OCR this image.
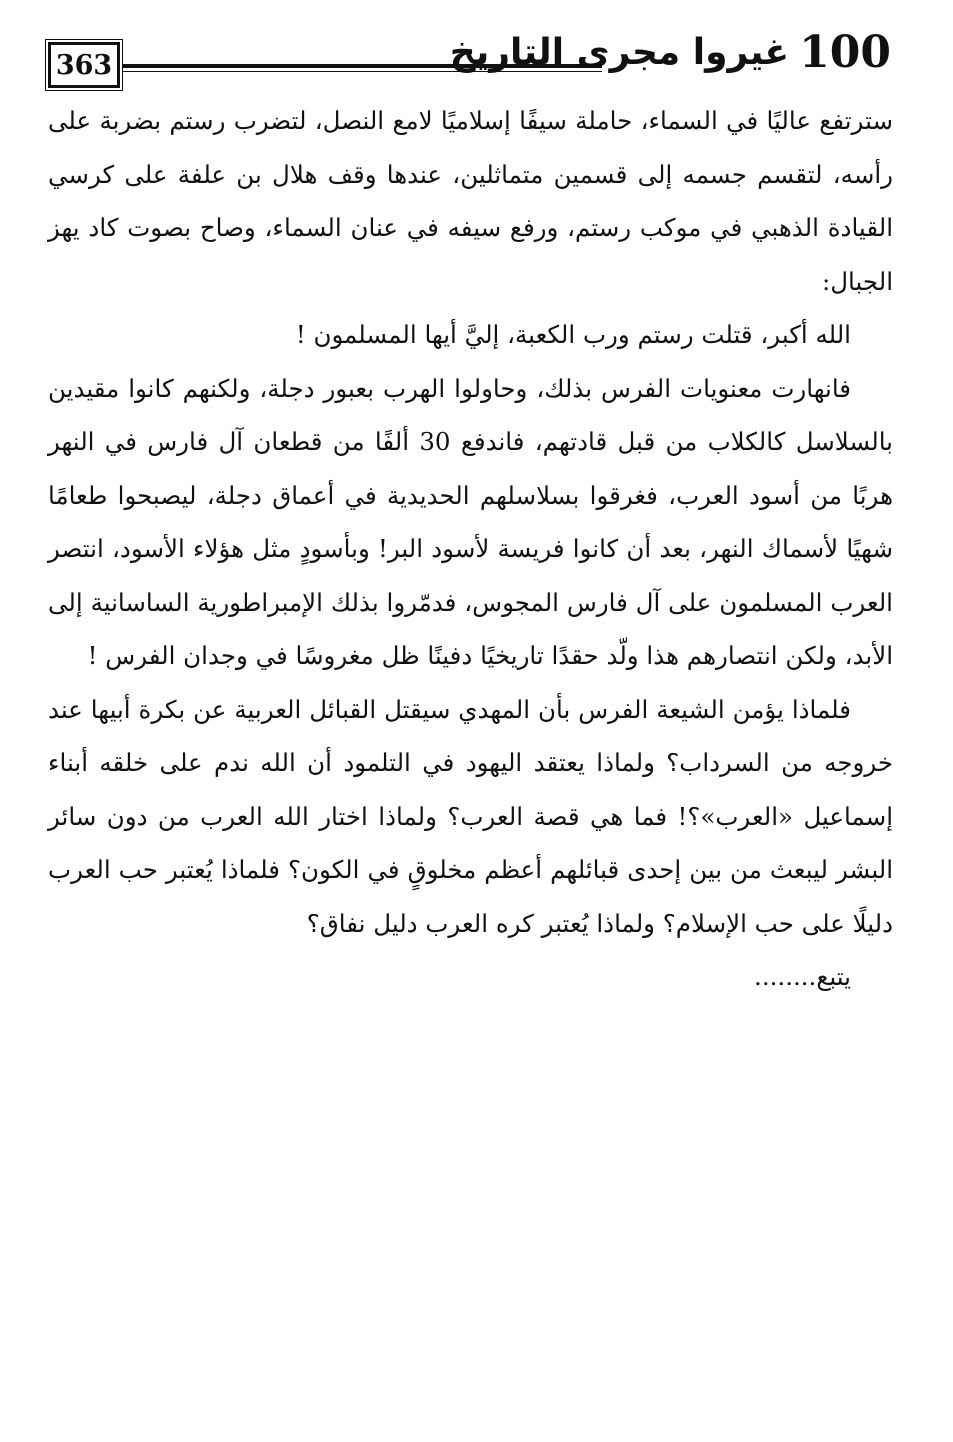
363	100
غيروا مجرى التاريخ

سترتفع عاليًا في السماء، حاملة سيفًا إسلاميًا لامع النصل، لتضرب رستم بضربة على رأسه، لتقسم جسمه إلى قسمين متماثلين، عندها وقف هلال بن علفة على كرسي القيادة الذهبي في موكب رستم، ورفع سيفه في عنان السماء، وصاح بصوت كاد يهز الجبال:

الله أكبر، قتلت رستم ورب الكعبة، إليَّ أيها المسلمون !

فانهارت معنويات الفرس بذلك، وحاولوا الهرب بعبور دجلة، ولكنهم كانوا مقيدين بالسلاسل كالكلاب من قبل قادتهم، فاندفع 30 ألفًا من قطعان آل فارس في النهر هربًا من أسود العرب، فغرقوا بسلاسلهم الحديدية في أعماق دجلة، ليصبحوا طعامًا شهيًا لأسماك النهر، بعد أن كانوا فريسة لأسود البر! وبأسودٍ مثل هؤلاء الأسود، انتصر العرب المسلمون على آل فارس المجوس، فدمّروا بذلك الإمبراطورية الساسانية إلى الأبد، ولكن انتصارهم هذا ولّد حقدًا تاريخيًا دفينًا ظل مغروسًا في وجدان الفرس !

فلماذا يؤمن الشيعة الفرس بأن المهدي سيقتل القبائل العربية عن بكرة أبيها عند خروجه من السرداب؟ ولماذا يعتقد اليهود في التلمود أن الله ندم على خلقه أبناء إسماعيل «العرب»؟! فما هي قصة العرب؟ ولماذا اختار الله العرب من دون سائر البشر ليبعث من بين إحدى قبائلهم أعظم مخلوقٍ في الكون؟ فلماذا يُعتبر حب العرب دليلًا على حب الإسلام؟ ولماذا يُعتبر كره العرب دليل نفاق؟

يتبع........
